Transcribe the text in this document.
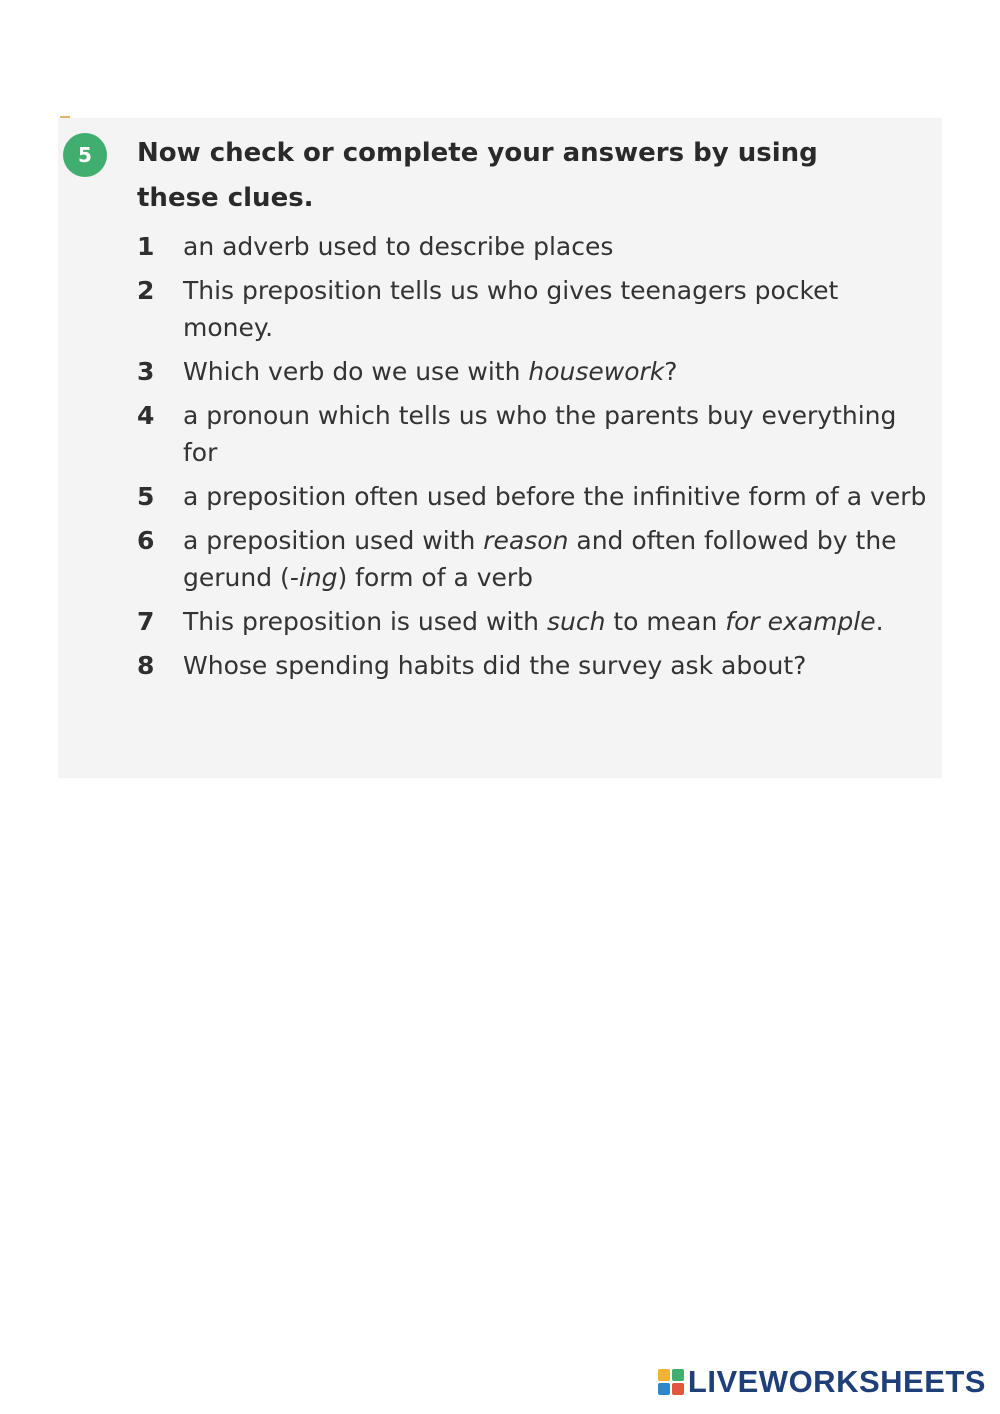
5	Now check or complete your answers by using these clues.

1	an adverb used to describe places
2	This preposition tells us who gives teenagers pocket money.
3	Which verb do we use with housework?
4	a pronoun which tells us who the parents buy everything for
5	a preposition often used before the infinitive form of a verb
6	a preposition used with reason and often followed by the gerund (-ing) form of a verb
7	This preposition is used with such to mean for example.
8	Whose spending habits did the survey ask about?
LIVEWORKSHEETS
